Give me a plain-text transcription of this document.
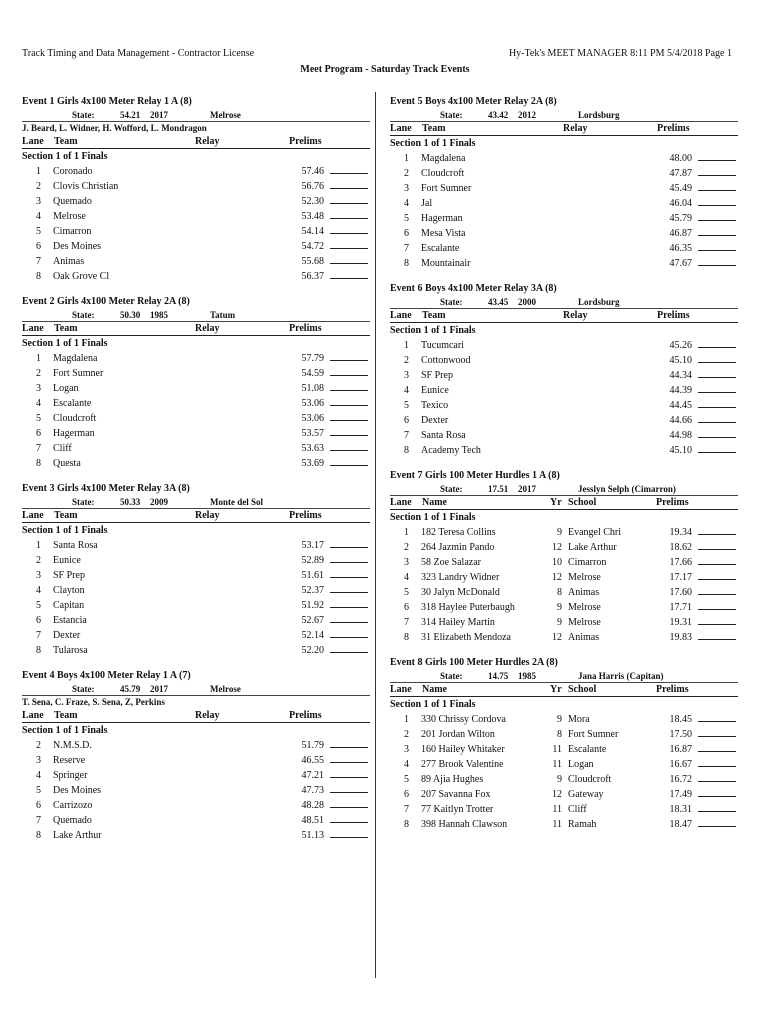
Track Timing and Data Management - Contractor License	Hy-Tek's MEET MANAGER 8:11 PM 5/4/2018 Page 1
Meet Program - Saturday Track Events
Event 1 Girls 4x100 Meter Relay 1 A (8)
State:	54.21 2017	Melrose
J. Beard, L. Widner, H. Wofford, L. Mondragon
Lane Team	Relay	Prelims
Section 1 of 1 Finals
1 Coronado	57.46
2 Clovis Christian	56.76
3 Quemado	52.30
4 Melrose	53.48
5 Cimarron	54.14
6 Des Moines	54.72
7 Animas	55.68
8 Oak Grove Cl	56.37
Event 2 Girls 4x100 Meter Relay 2A (8)
State:	50.30 1985	Tatum
Lane Team	Relay	Prelims
Section 1 of 1 Finals
1 Magdalena	57.79
2 Fort Sumner	54.59
3 Logan	51.08
4 Escalante	53.06
5 Cloudcroft	53.06
6 Hagerman	53.57
7 Cliff	53.63
8 Questa	53.69
Event 3 Girls 4x100 Meter Relay 3A (8)
State:	50.33 2009	Monte del Sol
Lane Team	Relay	Prelims
Section 1 of 1 Finals
1 Santa Rosa	53.17
2 Eunice	52.89
3 SF Prep	51.61
4 Clayton	52.37
5 Capitan	51.92
6 Estancia	52.67
7 Dexter	52.14
8 Tularosa	52.20
Event 4 Boys 4x100 Meter Relay 1 A (7)
State:	45.79 2017	Melrose
T. Sena, C. Fraze, S. Sena, Z, Perkins
Lane Team	Relay	Prelims
Section 1 of 1 Finals
2 N.M.S.D.	51.79
3 Reserve	46.55
4 Springer	47.21
5 Des Moines	47.73
6 Carrizozo	48.28
7 Quemado	48.51
8 Lake Arthur	51.13
Event 5 Boys 4x100 Meter Relay 2A (8)
State:	43.42 2012	Lordsburg
Lane Team	Relay	Prelims
Section 1 of 1 Finals
1 Magdalena	48.00
2 Cloudcroft	47.87
3 Fort Sumner	45.49
4 Jal	46.04
5 Hagerman	45.79
6 Mesa Vista	46.87
7 Escalante	46.35
8 Mountainair	47.67
Event 6 Boys 4x100 Meter Relay 3A (8)
State:	43.45 2000	Lordsburg
Lane Team	Relay	Prelims
Section 1 of 1 Finals
1 Tucumcari	45.26
2 Cottonwood	45.10
3 SF Prep	44.34
4 Eunice	44.39
5 Texico	44.45
6 Dexter	44.66
7 Santa Rosa	44.98
8 Academy Tech	45.10
Event 7 Girls 100 Meter Hurdles 1 A (8)
State:	17.51 2017	Jesslyn Selph (Cimarron)
Lane Name	Yr School	Prelims
Section 1 of 1 Finals
1 182 Teresa Collins	9 Evangel Chri	19.34
2 264 Jazmin Pando	12 Lake Arthur	18.62
3 58 Zoe Salazar	10 Cimarron	17.66
4 323 Landry Widner	12 Melrose	17.17
5 30 Jalyn McDonald	8 Animas	17.60
6 318 Haylee Puterbaugh	9 Melrose	17.71
7 314 Hailey Martin	9 Melrose	19.31
8 31 Elizabeth Mendoza	12 Animas	19.83
Event 8 Girls 100 Meter Hurdles 2A (8)
State:	14.75 1985	Jana Harris (Capitan)
Lane Name	Yr School	Prelims
Section 1 of 1 Finals
1 330 Chrissy Cordova	9 Mora	18.45
2 201 Jordan Wilton	8 Fort Sumner	17.50
3 160 Hailey Whitaker	11 Escalante	16.87
4 277 Brook Valentine	11 Logan	16.67
5 89 Ajia Hughes	9 Cloudcroft	16.72
6 207 Savanna Fox	12 Gateway	17.49
7 77 Kaitlyn Trotter	11 Cliff	18.31
8 398 Hannah Clawson	11 Ramah	18.47
